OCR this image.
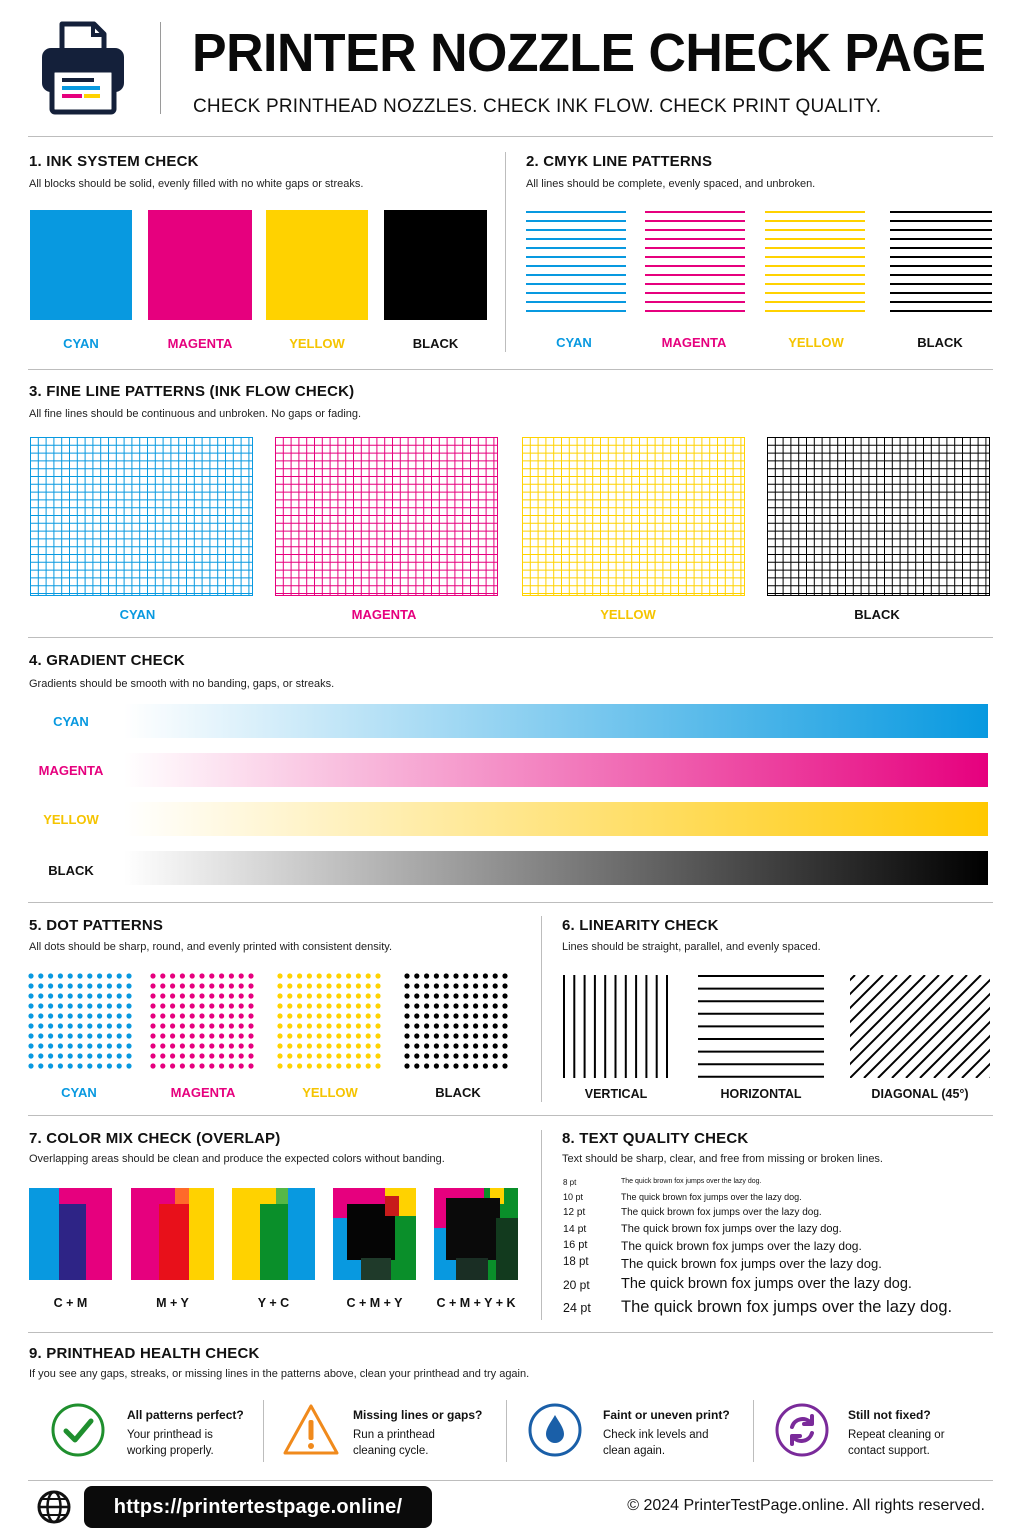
PRINTER NOZZLE CHECK PAGE
CHECK PRINTHEAD NOZZLES. CHECK INK FLOW. CHECK PRINT QUALITY.
1. INK SYSTEM CHECK
All blocks should be solid, evenly filled with no white gaps or streaks.
CYAN	MAGENTA	YELLOW	BLACK
2. CMYK LINE PATTERNS
All lines should be complete, evenly spaced, and unbroken.
CYAN	MAGENTA	YELLOW	BLACK
3. FINE LINE PATTERNS (INK FLOW CHECK)
All fine lines should be continuous and unbroken. No gaps or fading.
CYAN	MAGENTA	YELLOW	BLACK
4. GRADIENT CHECK
Gradients should be smooth with no banding, gaps, or streaks.
CYAN
MAGENTA
YELLOW
BLACK
5. DOT PATTERNS
All dots should be sharp, round, and evenly printed with consistent density.
CYAN	MAGENTA	YELLOW	BLACK
6. LINEARITY CHECK
Lines should be straight, parallel, and evenly spaced.
VERTICAL	HORIZONTAL	DIAGONAL (45°)
7. COLOR MIX CHECK (OVERLAP)
Overlapping areas should be clean and produce the expected colors without banding.
C + M	M + Y	Y + C	C + M + Y	C + M + Y + K
8. TEXT QUALITY CHECK
Text should be sharp, clear, and free from missing or broken lines.
8 pt	The quick brown fox jumps over the lazy dog.
10 pt	The quick brown fox jumps over the lazy dog.
12 pt	The quick brown fox jumps over the lazy dog.
14 pt	The quick brown fox jumps over the lazy dog.
16 pt	The quick brown fox jumps over the lazy dog.
18 pt The quick brown fox jumps over the lazy dog.
20 pt The quick brown fox jumps over the lazy dog.
24 pt The quick brown fox jumps over the lazy dog.
9. PRINTHEAD HEALTH CHECK
If you see any gaps, streaks, or missing lines in the patterns above, clean your printhead and try again.
All patterns perfect?
Your printhead is
working properly.
Missing lines or gaps?
Run a printhead
cleaning cycle.
Faint or uneven print?
Check ink levels and
clean again.
Still not fixed?
Repeat cleaning or
contact support.
https://printertestpage.online/	© 2024 PrinterTestPage.online. All rights reserved.
